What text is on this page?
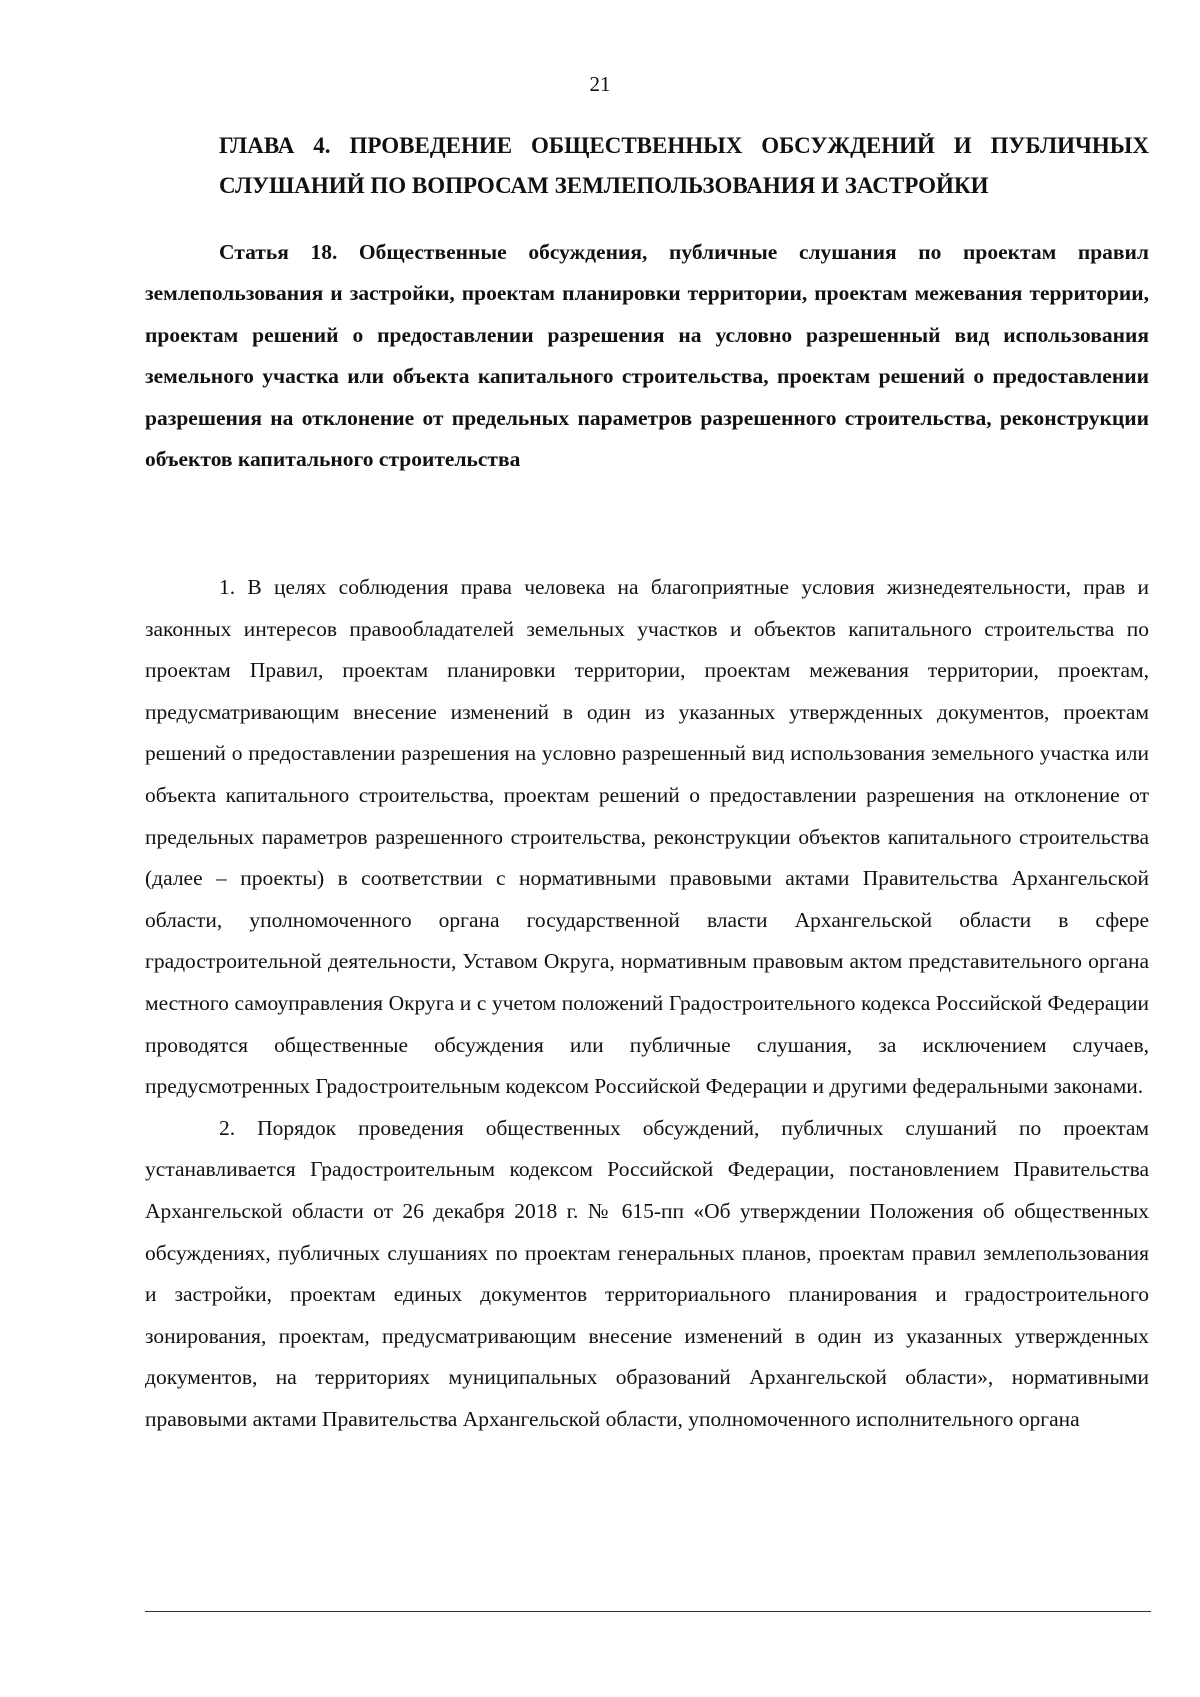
21
ГЛАВА 4. ПРОВЕДЕНИЕ ОБЩЕСТВЕННЫХ ОБСУЖДЕНИЙ И ПУБЛИЧНЫХ СЛУШАНИЙ ПО ВОПРОСАМ ЗЕМЛЕПОЛЬЗОВАНИЯ И ЗАСТРОЙКИ
Статья 18. Общественные обсуждения, публичные слушания по проектам правил землепользования и застройки, проектам планировки территории, проектам межевания территории, проектам решений о предоставлении разрешения на условно разрешенный вид использования земельного участка или объекта капитального строительства, проектам решений о предоставлении разрешения на отклонение от предельных параметров разрешенного строительства, реконструкции объектов капитального строительства

1. В целях соблюдения права человека на благоприятные условия жизнедеятельности, прав и законных интересов правообладателей земельных участков и объектов капитального строительства по проектам Правил, проектам планировки территории, проектам межевания территории, проектам, предусматривающим внесение изменений в один из указанных утвержденных документов, проектам решений о предоставлении разрешения на условно разрешенный вид использования земельного участка или объекта капитального строительства, проектам решений о предоставлении разрешения на отклонение от предельных параметров разрешенного строительства, реконструкции объектов капитального строительства (далее – проекты) в соответствии с нормативными правовыми актами Правительства Архангельской области, уполномоченного органа государственной власти Архангельской области в сфере градостроительной деятельности, Уставом Округа, нормативным правовым актом представительного органа местного самоуправления Округа и с учетом положений Градостроительного кодекса Российской Федерации проводятся общественные обсуждения или публичные слушания, за исключением случаев, предусмотренных Градостроительным кодексом Российской Федерации и другими федеральными законами.

2. Порядок проведения общественных обсуждений, публичных слушаний по проектам устанавливается Градостроительным кодексом Российской Федерации, постановлением Правительства Архангельской области от 26 декабря 2018 г. № 615-пп «Об утверждении Положения об общественных обсуждениях, публичных слушаниях по проектам генеральных планов, проектам правил землепользования и застройки, проектам единых документов территориального планирования и градостроительного зонирования, проектам, предусматривающим внесение изменений в один из указанных утвержденных документов, на территориях муниципальных образований Архангельской области», нормативными правовыми актами Правительства Архангельской области, уполномоченного исполнительного органа
